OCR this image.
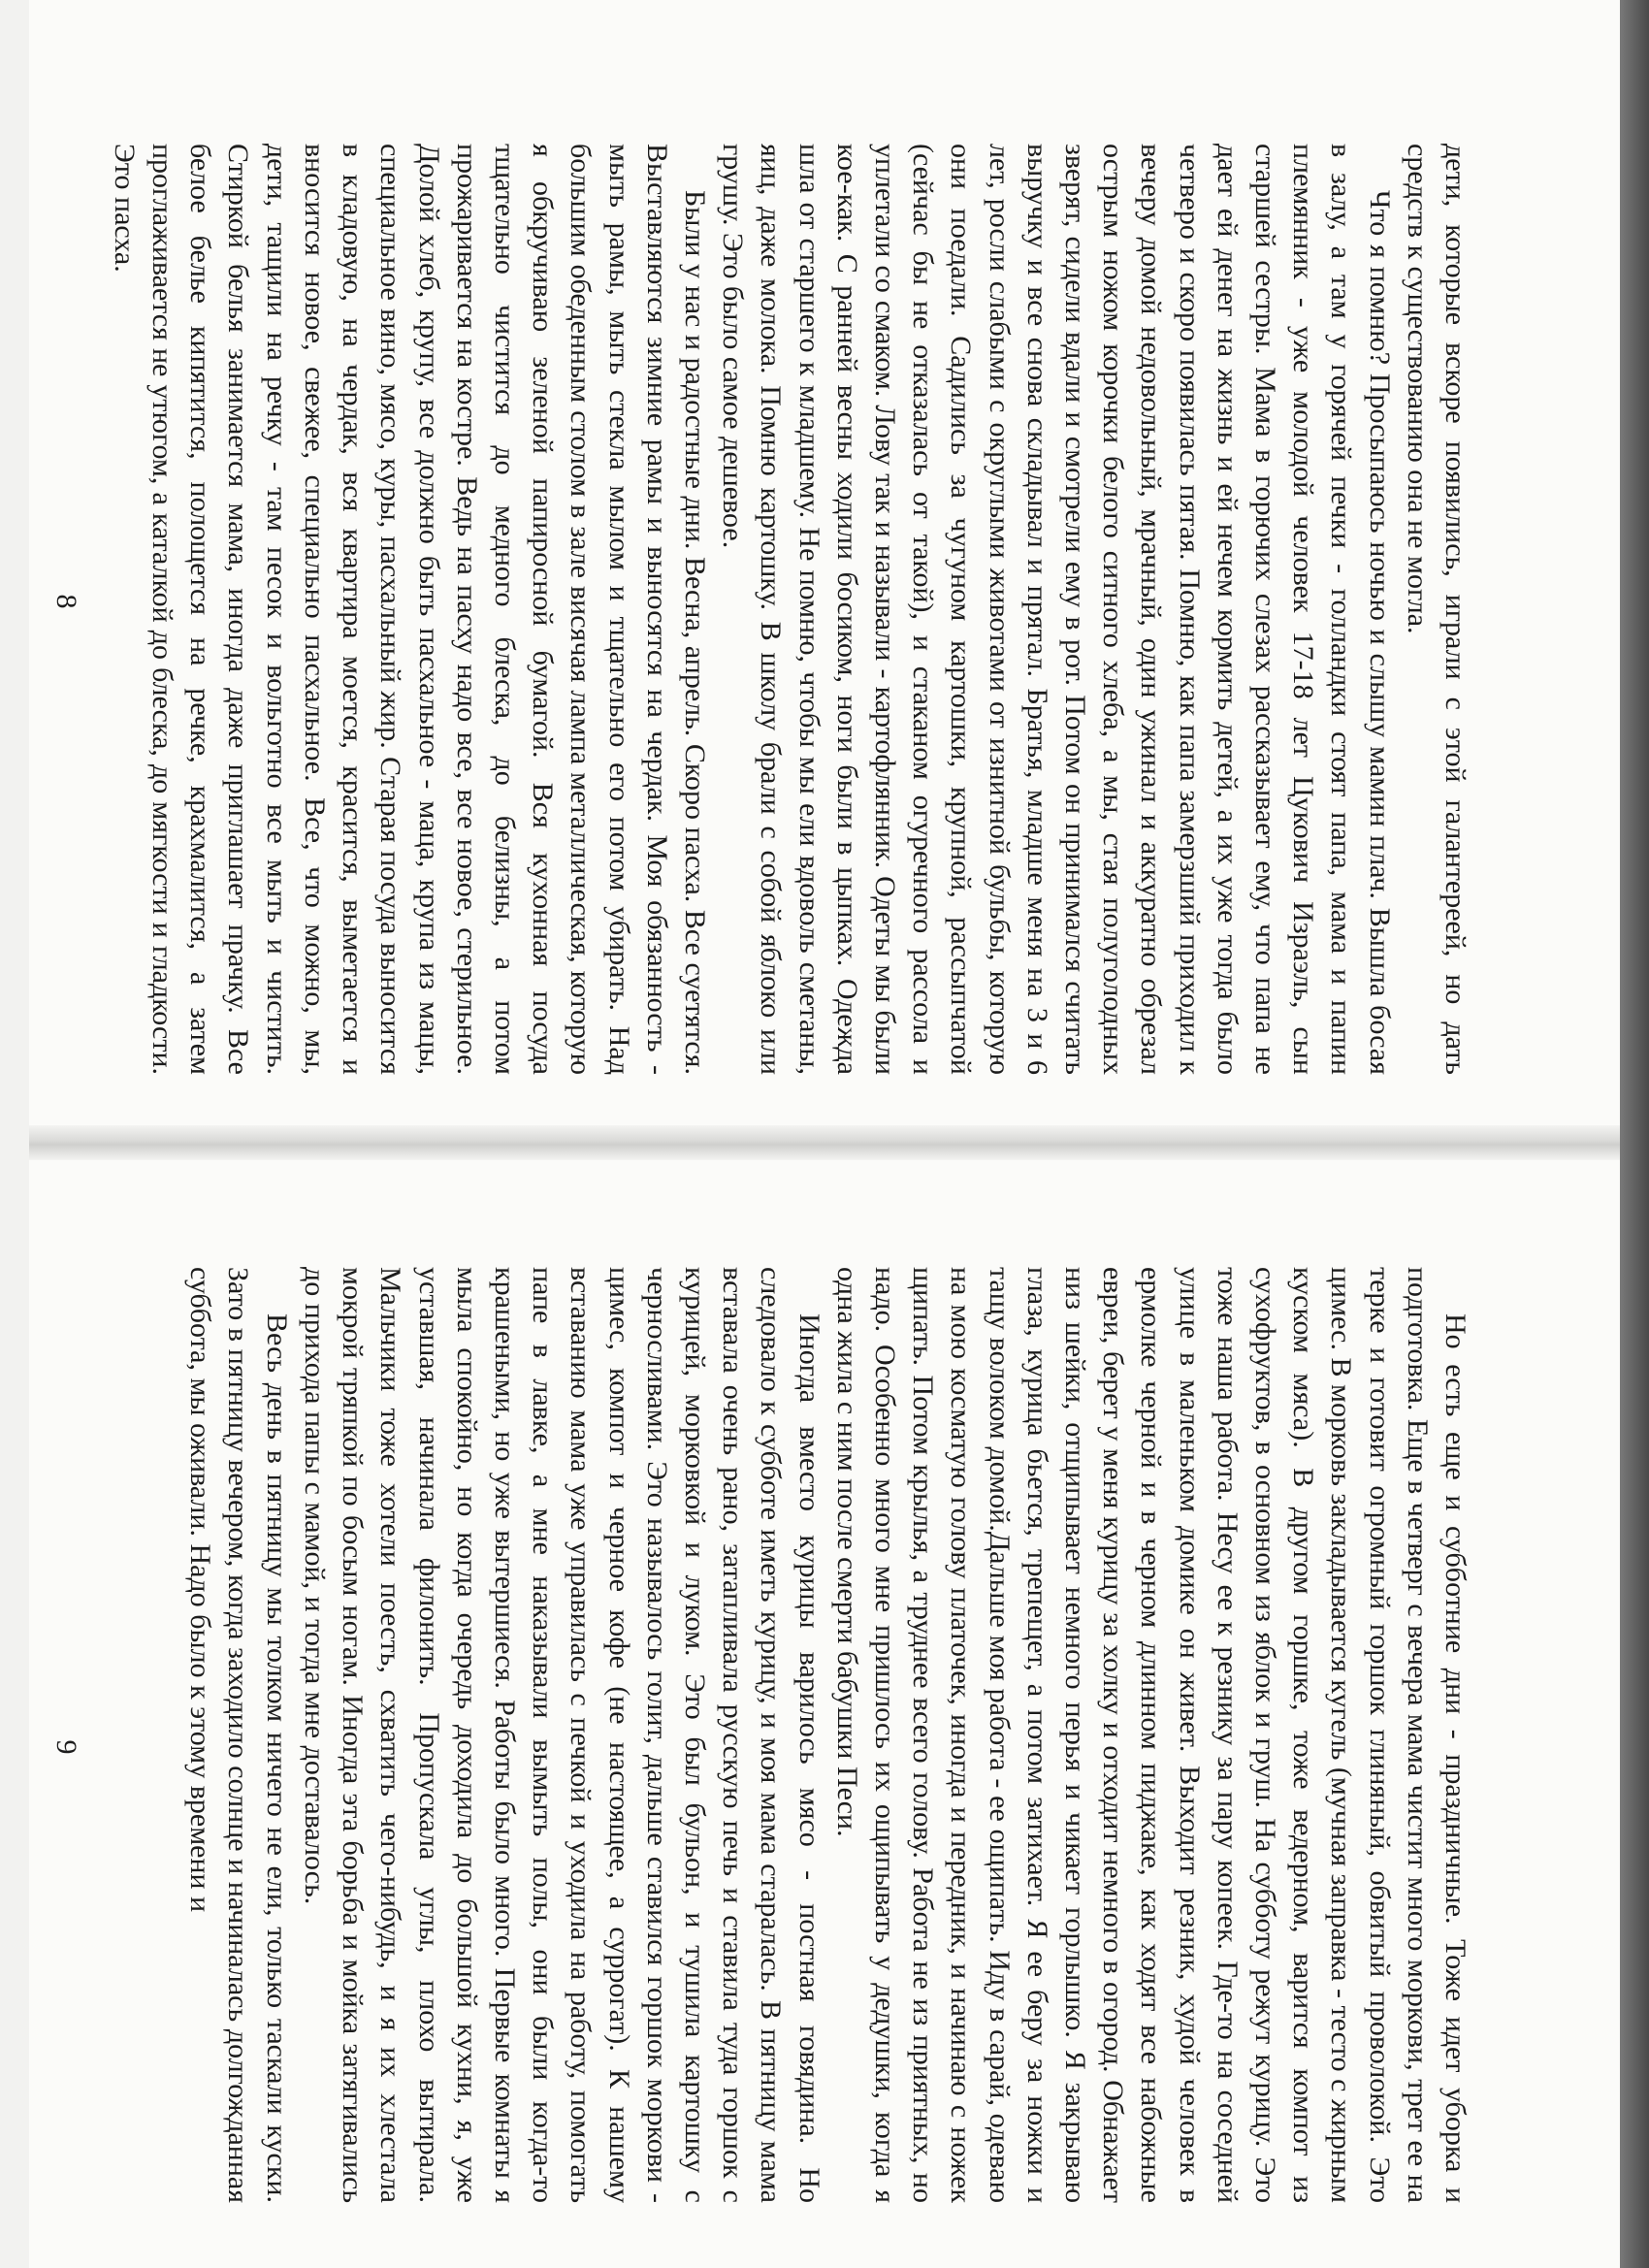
дети, которые вскоре появились, играли с этой галантереей, но дать средств к существованию она не могла.

Что я помню? Просыпаюсь ночью и слышу мамин плач. Вышла босая в залу, а там у горячей печки - голландки стоят папа, мама и папин племянник - уже молодой человек 17-18 лет Цукович Израэль, сын старшей сестры. Мама в горючих слезах рассказывает ему, что папа не дает ей денег на жизнь и ей нечем кормить детей, а их уже тогда было четверо и скоро появилась пятая. Помню, как папа замерзший приходил к вечеру домой недовольный, мрачный, один ужинал и аккуратно обрезал острым ножом корочки белого ситного хлеба, а мы, стая полуголодных зверят, сидели вдали и смотрели ему в рот. Потом он принимался считать выручку и все снова складывал и прятал. Братья, младше меня на 3 и 6 лет, росли слабыми с округлыми животами от изнитной бульбы, которую они поедали. Садились за чугуном картошки, крупной, рассыпчатой (сейчас бы не отказалась от такой), и стаканом огуречного рассола и уплетали со смаком. Лову так и называли - картофлянник. Одеты мы были кое-как. С ранней весны ходили босиком, ноги были в цыпках. Одежда шла от старшего к младшему. Не помню, чтобы мы ели вдоволь сметаны, яиц, даже молока. Помню картошку. В школу брали с собой яблоко или грушу. Это было самое дешевое.

Были у нас и радостные дни. Весна, апрель. Скоро пасха. Все суетятся. Выставляются зимние рамы и выносятся на чердак. Моя обязанность - мыть рамы, мыть стекла мылом и тщательно его потом убирать. Над большим обеденным столом в зале висячая лампа металлическая, которую я обкручиваю зеленой папиросной бумагой. Вся кухонная посуда тщательно чистится до медного блеска, до белизны, а потом прожаривается на костре. Ведь на пасху надо все, все новое, стерильное. Долой хлеб, крупу, все должно быть пасхальное - маца, крупа из мацы, специальное вино, мясо, куры, пасхальный жир. Старая посуда выносится в кладовую, на чердак, вся квартира моется, красится, выметается и вносится новое, свежее, специально пасхальное. Все, что можно, мы, дети, тащили на речку - там песок и вольготно все мыть и чистить. Стиркой белья занимается мама, иногда даже приглашает прачку. Все белое белье кипятится, полощется на речке, крахмалится, а затем проглаживается не утюгом, а каталкой до блеска, до мягкости и гладкости. Это пасха.

8

Но есть еще и субботние дни - праздничные. Тоже идет уборка и подготовка. Еще в четверг с вечера мама чистит много моркови, трет ее на терке и готовит огромный горшок глиняный, обвитый проволокой. Это цимес. В морковь закладывается кугель (мучная заправка - тесто с жирным куском мяса). В другом горшке, тоже ведерном, варится компот из сухофруктов, в основном из яблок и груш. На субботу режут курицу. Это тоже наша работа. Несу ее к резнику за пару копеек. Где-то на соседней улице в маленьком домике он живет. Выходит резник, худой человек в ермолке черной и в черном длинном пиджаке, как ходят все набожные евреи, берет у меня курицу за холку и отходит немного в огород. Обнажает низ шейки, отщипывает немного перья и чикает горлышко. Я закрываю глаза, курица бьется, трепещет, а потом затихает. Я ее беру за ножки и тащу волоком домой.Дальше моя работа - ее ощипать. Иду в сарай, одеваю на мою косматую голову платочек, иногда и передник, и начинаю с ножек щипать. Потом крылья, а труднее всего голову. Работа не из приятных, но надо. Особенно много мне пришлось их ощипывать у дедушки, когда я одна жила с ним после смерти бабушки Песи.

Иногда вместо курицы варилось мясо - постная говядина. Но следовало к субботе иметь курицу, и моя мама старалась. В пятницу мама вставала очень рано, затапливала русскую печь и ставила туда горшок с курицей, морковкой и луком. Это был бульон, и тушила картошку с черносливами. Это называлось голит, дальше ставился горшок моркови - цимес, компот и черное кофе (не настоящее, а суррогат). К нашему вставанию мама уже управилась с печкой и уходила на работу, помогать папе в лавке, а мне наказывали вымыть полы, они были когда-то крашеными, но уже вытершиеся. Работы было много. Первые комнаты я мыла спокойно, но когда очередь доходила до большой кухни, я, уже уставшая, начинала филонить. Пропускала углы, плохо вытирала. Мальчики тоже хотели поесть, схватить чего-нибудь, и я их хлестала мокрой тряпкой по босым ногам. Иногда эта борьба и мойка затягивались до прихода папы с мамой, и тогда мне доставалось.

Весь день в пятницу мы толком ничего не ели, только таскали куски. Зато в пятницу вечером, когда заходило солнце и начиналась долгожданная суббота, мы оживали. Надо было к этому времени и

9
